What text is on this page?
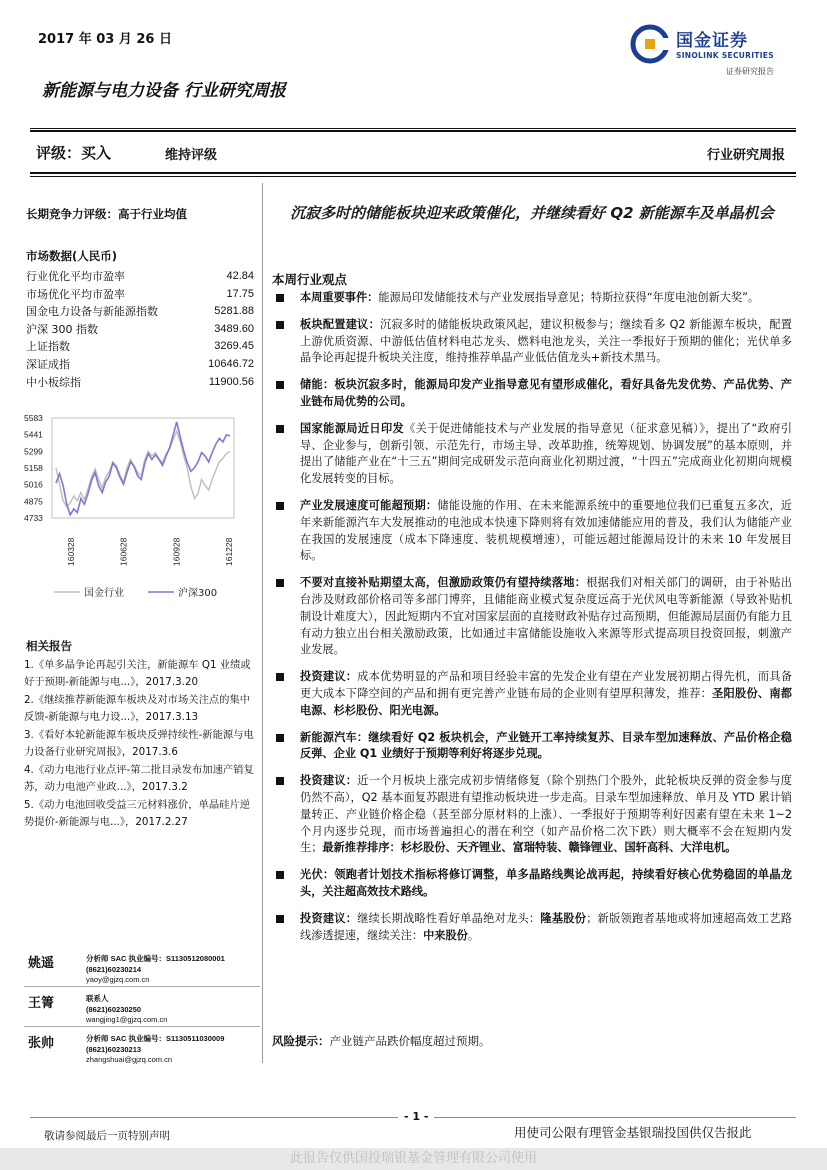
2017 年 03 月 26 日	国金证券
SINOLINK SECURITIES
证券研究报告
新能源与电力设备 行业研究周报
评级：买入	维持评级	行业研究周报
长期竞争力评级：高于行业均值
市场数据(人民币)
行业优化平均市盈率	42.84
市场优化平均市盈率	17.75
国金电力设备与新能源指数	5281.88
沪深 300 指数	3489.60
上证指数	3269.45
深证成指	10646.72
中小板综指	11900.56
5583
5441
5299
5158
5016
4875
4733
160328	160628	160928	161228
国金行业	沪深300
相关报告
1.《单多晶争论再起引关注，新能源车 Q1 业绩或好于预期-新能源与电...》，2017.3.20
2.《继续推荐新能源车板块及对市场关注点的集中反馈-新能源与电力设...》，2017.3.13
3.《看好本轮新能源车板块反弹持续性-新能源与电力设备行业研究周报》，2017.3.6
4.《动力电池行业点评-第二批目录发布加速产销复苏，动力电池产业政...》，2017.3.2
5.《动力电池回收受益三元材料涨价，单晶硅片逆势提价-新能源与电...》，2017.2.27
姚遥	分析师 SAC 执业编号：S1130512080001
(8621)60230214
yaoy@gjzq.com.cn
王箐	联系人
(8621)60230250
wangjing1@gjzq.com.cn
张帅	分析师 SAC 执业编号：S1130511030009
(8621)60230213
zhangshuai@gjzq.com.cn
沉寂多时的储能板块迎来政策催化，并继续看好 Q2 新能源车及单晶机会
本周行业观点
本周重要事件：能源局印发储能技术与产业发展指导意见；特斯拉获得“年度电池创新大奖”。
板块配置建议：沉寂多时的储能板块政策风起，建议积极参与；继续看多 Q2 新能源车板块，配置上游优质资源、中游低估值材料电芯龙头、燃料电池龙头，关注一季报好于预期的催化；光伏单多晶争论再起提升板块关注度，维持推荐单晶产业低估值龙头+新技术黑马。
储能：板块沉寂多时，能源局印发产业指导意见有望形成催化，看好具备先发优势、产品优势、产业链布局优势的公司。
国家能源局近日印发《关于促进储能技术与产业发展的指导意见（征求意见稿）》，提出了“政府引导、企业参与，创新引领、示范先行，市场主导、改革助推，统筹规划、协调发展”的基本原则，并提出了储能产业在“十三五”期间完成研发示范向商业化初期过渡，“十四五”完成商业化初期向规模化发展转变的目标。
产业发展速度可能超预期：储能设施的作用、在未来能源系统中的重要地位我们已重复五多次，近年来新能源汽车大发展推动的电池成本快速下降则将有效加速储能应用的普及，我们认为储能产业在我国的发展速度（成本下降速度、装机规模增速），可能远超过能源局设计的未来 10 年发展目标。
不要对直接补贴期望太高，但激励政策仍有望持续落地：根据我们对相关部门的调研，由于补贴出台涉及财政部价格司等多部门博弈，且储能商业模式复杂度远高于光伏风电等新能源（导致补贴机制设计难度大），因此短期内不宜对国家层面的直接财政补贴存过高预期，但能源局层面仍有能力且有动力独立出台相关激励政策，比如通过丰富储能设施收入来源等形式提高项目投资回报，刺激产业发展。
投资建议：成本优势明显的产品和项目经验丰富的先发企业有望在产业发展初期占得先机，而具备更大成本下降空间的产品和拥有更完善产业链布局的企业则有望厚积薄发，推荐：圣阳股份、南都电源、杉杉股份、阳光电源。
新能源汽车：继续看好 Q2 板块机会，产业链开工率持续复苏、目录车型加速释放、产品价格企稳反弹、企业 Q1 业绩好于预期等利好将逐步兑现。
投资建议：近一个月板块上涨完成初步情绪修复（除个别热门个股外，此轮板块反弹的资金参与度仍然不高），Q2 基本面复苏跟进有望推动板块进一步走高。目录车型加速释放、单月及 YTD 累计销量转正、产业链价格企稳（甚至部分原材料的上涨）、一季报好于预期等利好因素有望在未来 1~2 个月内逐步兑现，而市场普遍担心的潜在利空（如产品价格二次下跌）则大概率不会在短期内发生；最新推荐排序：杉杉股份、天齐锂业、富瑞特装、赣锋锂业、国轩高科、大洋电机。
光伏：领跑者计划技术指标将修订调整，单多晶路线舆论战再起，持续看好核心优势稳固的单晶龙头，关注超高效技术路线。
投资建议：继续长期战略性看好单晶绝对龙头：隆基股份；新版领跑者基地或将加速超高效工艺路线渗透提速，继续关注：中来股份。
风险提示：产业链产品跌价幅度超过预期。
- 1 -
敬请参阅最后一页特别声明	用使司公限有理管金基银瑞投国供仅告报此
此报告仅供国投瑞银基金管理有限公司使用
